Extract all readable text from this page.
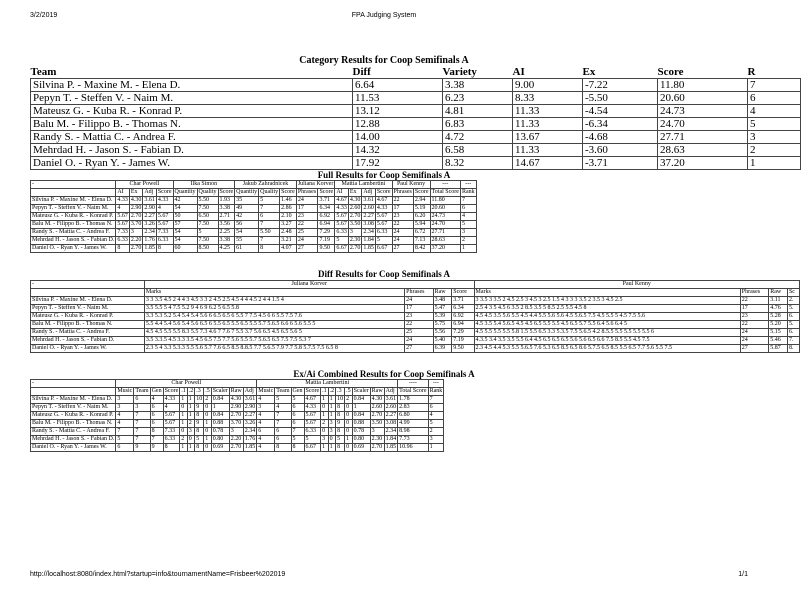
3/2/2019	FPA Judging System
Category Results for Coop Semifinals A
Team	Diff	Variety	AI	Ex	Score	R
Silvina P. - Maxine M. - Elena D.	6.64	3.38	9.00	-7.22	11.80	7
Pepyn T. - Steffen V. - Naim M.	11.53	6.23	8.33	-5.50	20.60	6
Mateusz G. - Kuba R. - Konrad P.	13.12	4.81	11.33	-4.54	24.73	4
Balu M. - Filippo B. - Thomas N.	12.88	6.83	11.33	-6.34	24.70	5
Randy S. - Mattia C. - Andrea F.	14.00	4.72	13.67	-4.68	27.71	3
Mehrdad H. - Jason S. - Fabian D.	14.32	6.58	11.33	-3.60	28.63	2
Daniel O. - Ryan Y. - James W.	17.92	8.32	14.67	-3.71	37.20	1
Full Results for Coop Semifinals A
-	Char Powell				Ilka Simon			Jakub Zahradnicek			Juliana Korver		Mattia Lambertini				Paul Kenny		---	---
	AI	Ex	Adj	Score	Quantity	Quality	Score	Quantity	Quality	Score	Phrases	Score	AI	Ex	Adj	Score	Phrases	Score	Total Score	Rank
Silvina P. - Maxine M. - Elena D.	4.33	4.30	3.61	4.33	42	5.50	1.93	35	5	1.46	24	3.71	4.67	4.30	3.61	4.67	22	2.94	11.80	7
Pepyn T. - Steffen V. - Naim M.	4	2.90	2.90	4	54	7.50	3.38	49	7	2.86	17	6.34	4.33	2.60	2.60	4.33	17	5.19	20.60	6
Mateusz G. - Kuba R. - Konrad P.	5.67	2.70	2.27	5.67	50	6.50	2.71	42	6	2.10	23	6.92	5.67	2.70	2.27	5.67	23	6.20	24.73	4
Balu M. - Filippo B. - Thomas N.	5.67	3.70	3.26	5.67	57	7.50	3.56	56	7	3.27	22	6.94	5.67	3.50	3.08	5.67	22	5.94	24.70	5
Randy S. - Mattia C. - Andrea F.	7.33	3	2.34	7.33	54	5	2.25	54	5.50	2.48	25	7.29	6.33	3	2.34	6.33	24	6.72	27.71	3
Mehrdad H. - Jason S. - Fabian D.	6.33	2.20	1.76	6.33	54	7.50	3.38	55	7	3.21	24	7.19	5	2.30	1.84	5	24	7.13	28.63	2
Daniel O. - Ryan Y. - James W.	8	2.70	1.85	8	60	8.50	4.25	61	8	4.07	27	9.50	6.67	2.70	1.85	6.67	27	8.42	37.20	1
Diff Results for Coop Semifinals A
-	Juliana Korver				Paul Kenny			
	Marks	Phrases	Raw	Score	Marks	Phrases	Raw	Sc
Silvina P. - Maxine M. - Elena D.	3 3 3.5 4.5 2 4 4 3 4.5 3 3 2 4.5 2.5 4.5 4 4 4.5 2 4 4 1.5 4	24	3.48	3.71	3 3.5 3 3.5 2 4.5 2.5 3 4.5 3 2.5 1.5 4 3 3 3 3.5 2 3.5 3 4.5 2.5	22	3.11	2.
Pepyn T. - Steffen V. - Naim M.	3.5 5.5 5 4 7.5 5.2 9 4 6 9 6.2 5 6.5 5.8	17	5.47	6.34	2.5 4 3 5 4.5 6 3.5 2 8.5 3.5 5 8.5 2.5 5.5 4.5 8	17	4.76	5.
Mateusz G. - Kuba R. - Konrad P.	3.3 5.3 5.2 5.4 5.4 5.4 5.6 6 6.5 6.5 6 5.5 7 7.5 4.5 6 6 5.5 7.5 7.6	23	5.39	6.92	4.5 4.5 3.5 5.6 5.5 4.5 4.4 5.5 5.6 5.6 4.5 5.6.5 7.5 4.5 5.5 5 4.5 7.5 5.6	23	5.28	6.
Balu M. - Filippo B. - Thomas N.	5.5 4.4 5.4 5.6 5.4 5.6 6.5 6 5.5 6.5 5.5 6.5 5.5 5.7 5.6.5 6.6 6 5.6 5.5 5	22	5.75	6.94	4.5 3.5 5.4 5.6.5 4.5 4.5 6.5 5.5 5.5 4.5 6.5 5.7 5.5 6.4 5.6 6.4 5	22	5.20	5.
Randy S. - Mattia C. - Andrea F.	4.5 4.5 5.5 5.5 8.3 5.5 7.3 4.6 7 7.6 7 5.5 3.7 5.6 6.5 4.5 6.5 5.6 5	25	5.56	7.29	4.5 5.5 5.5 5.5 5.8 1.5 5.5 6.5 3.3 5.3.5 7.5 5.6.5 4.2 8.5.5 5.5 5.5 5.5 5.5 6	24	5.15	6.
Mehrdad H. - Jason S. - Fabian D.	3.5 3.3.5 4.5 3.3 3.5 4.5 6.5 7.5 7.7 5.6 5.5 5.7 5.6.5 6.5 7.5 7.5 5.3 7	24	5.40	7.19	4.3.5 3.4 3.5 3.5 5.5 6.4 4.5 6.5 6.5 6.5 5.6 5.6 6.5 6.6 7.5 8.5 5.5 4.5 7.5	24	5.46	7.
Daniel O. - Ryan Y. - James W.	2.3 5 4 3.3 5.3.3 5.5 5.6 5.7 7.6 6.5 8.5 8.8.5 7.7 5.6.5 7.9 7.7 5.8 5.7.5 7.5 6.5 8	27	6.39	9.50	2.3 4.5 4.4 5.3 5.5 5.6.5 7.6 5.3 6.5 8.5 6.5 8.6 5.7.5 6.5 8.5 5.5 6.5 7.7 5.6 5.5 7.5	27	5.87	8.
Ex/Ai Combined Results for Coop Semifinals A
-	Char Powell											Mattia Lambertini											----	---
	Music	Team	Gen	Score	.1	.2	.3	.5	Scaler	Raw	Adj	Music	Team	Gen	Score	.1	.2	.3	.5	Scaler	Raw	Adj	Total Score	Rank
Silvina P. - Maxine M. - Elena D.	3	6	4	4.33	1	1	10	2	0.84	4.30	3.61	4	5	5	4.67	1	1	10	2	0.84	4.30	3.61	1.78	7
Pepyn T. - Steffen V. - Naim M.	3	3	6	4	0	1	9	0	1	2.90	2.90	3	4	6	4.33	0	1	8	0	1	2.60	2.60	2.83	6
Mateusz G. - Kuba R. - Konrad P.	4	7	6	5.67	1	1	8	0	0.84	2.70	2.27	4	7	6	5.67	1	1	8	0	0.84	2.70	2.27	6.80	4
Balu M. - Filippo B. - Thomas N.	4	7	6	5.67	1	2	9	1	0.88	3.70	3.26	4	7	6	5.67	2	3	9	0	0.88	3.50	3.08	4.99	5
Randy S. - Mattia C. - Andrea F.	7	7	8	7.33	0	3	8	0	0.78	3	2.34	6	6	7	6.33	0	3	8	0	0.78	3	2.34	8.98	2
Mehrdad H. - Jason S. - Fabian D.	5	7	7	6.33	2	0	5	1	0.80	2.20	1.76	4	6	5	5	3	0	5	1	0.80	2.30	1.84	7.73	3
Daniel O. - Ryan Y. - James W.	6	9	9	8	1	1	8	0	0.69	2.70	1.85	4	8	8	6.67	1	1	8	0	0.69	2.70	1.85	10.96	1
http://localhost:8080/index.html?startup=info&tournamentName=Frisbeer%202019	1/1
